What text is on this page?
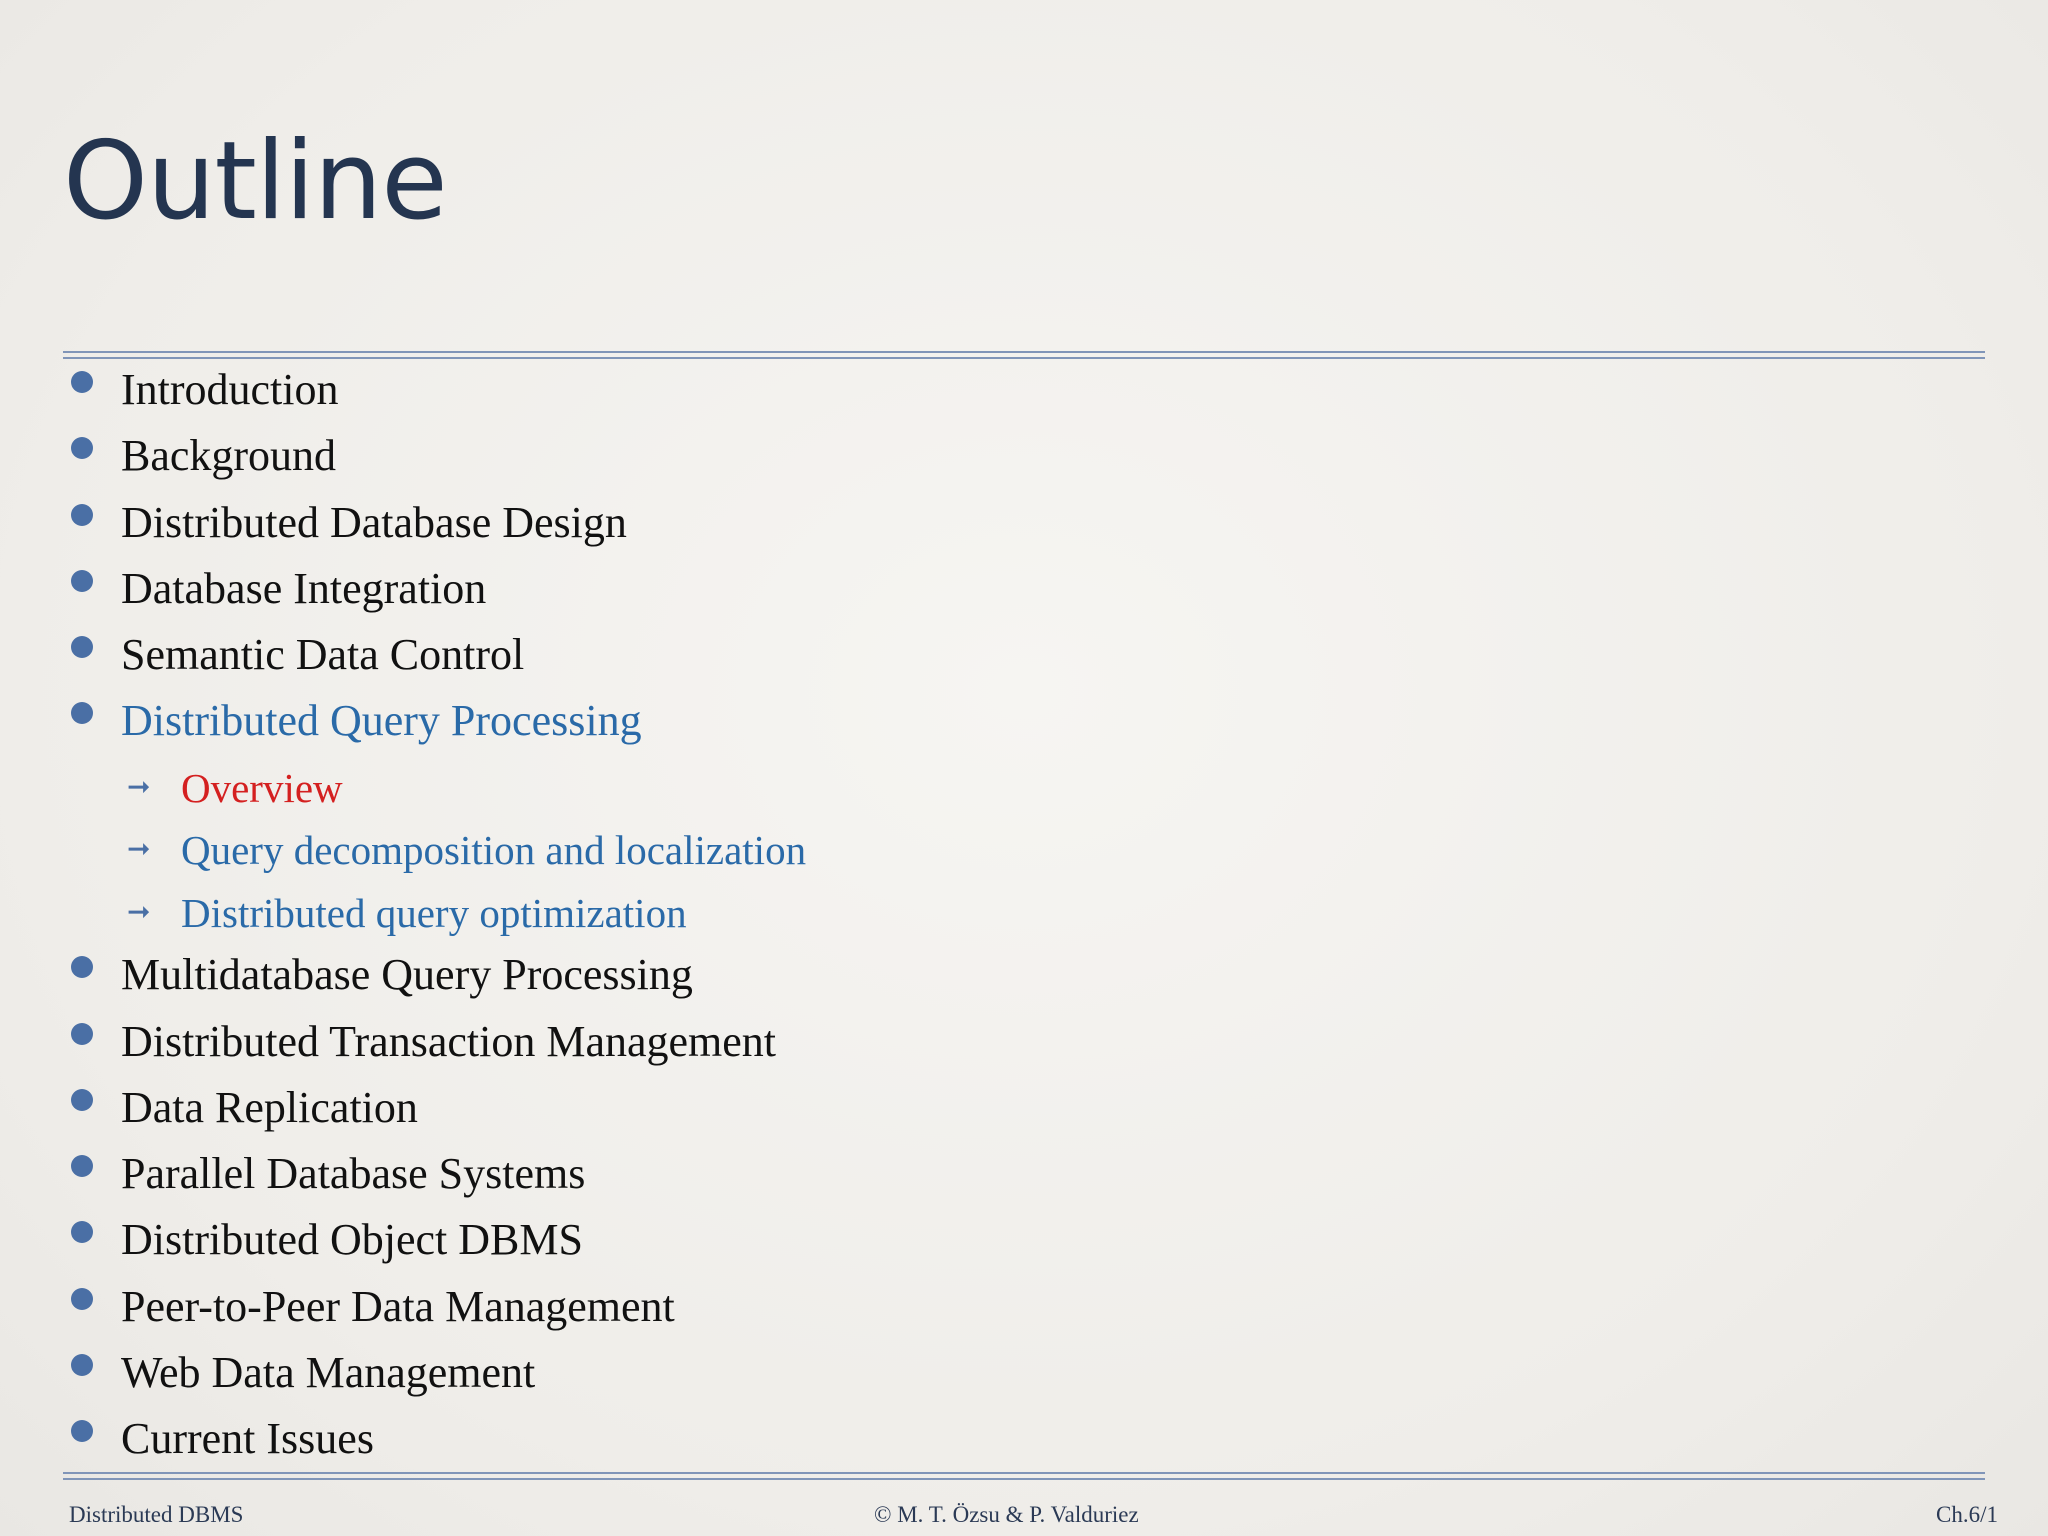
Outline
Introduction
Background
Distributed Database Design
Database Integration
Semantic Data Control
Distributed Query Processing
➞ Overview
➞ Query decomposition and localization
➞ Distributed query optimization
Multidatabase Query Processing
Distributed Transaction Management
Data Replication
Parallel Database Systems
Distributed Object DBMS
Peer-to-Peer Data Management
Web Data Management
Current Issues
Distributed DBMS	© M. T. Özsu & P. Valduriez	Ch.6/1
